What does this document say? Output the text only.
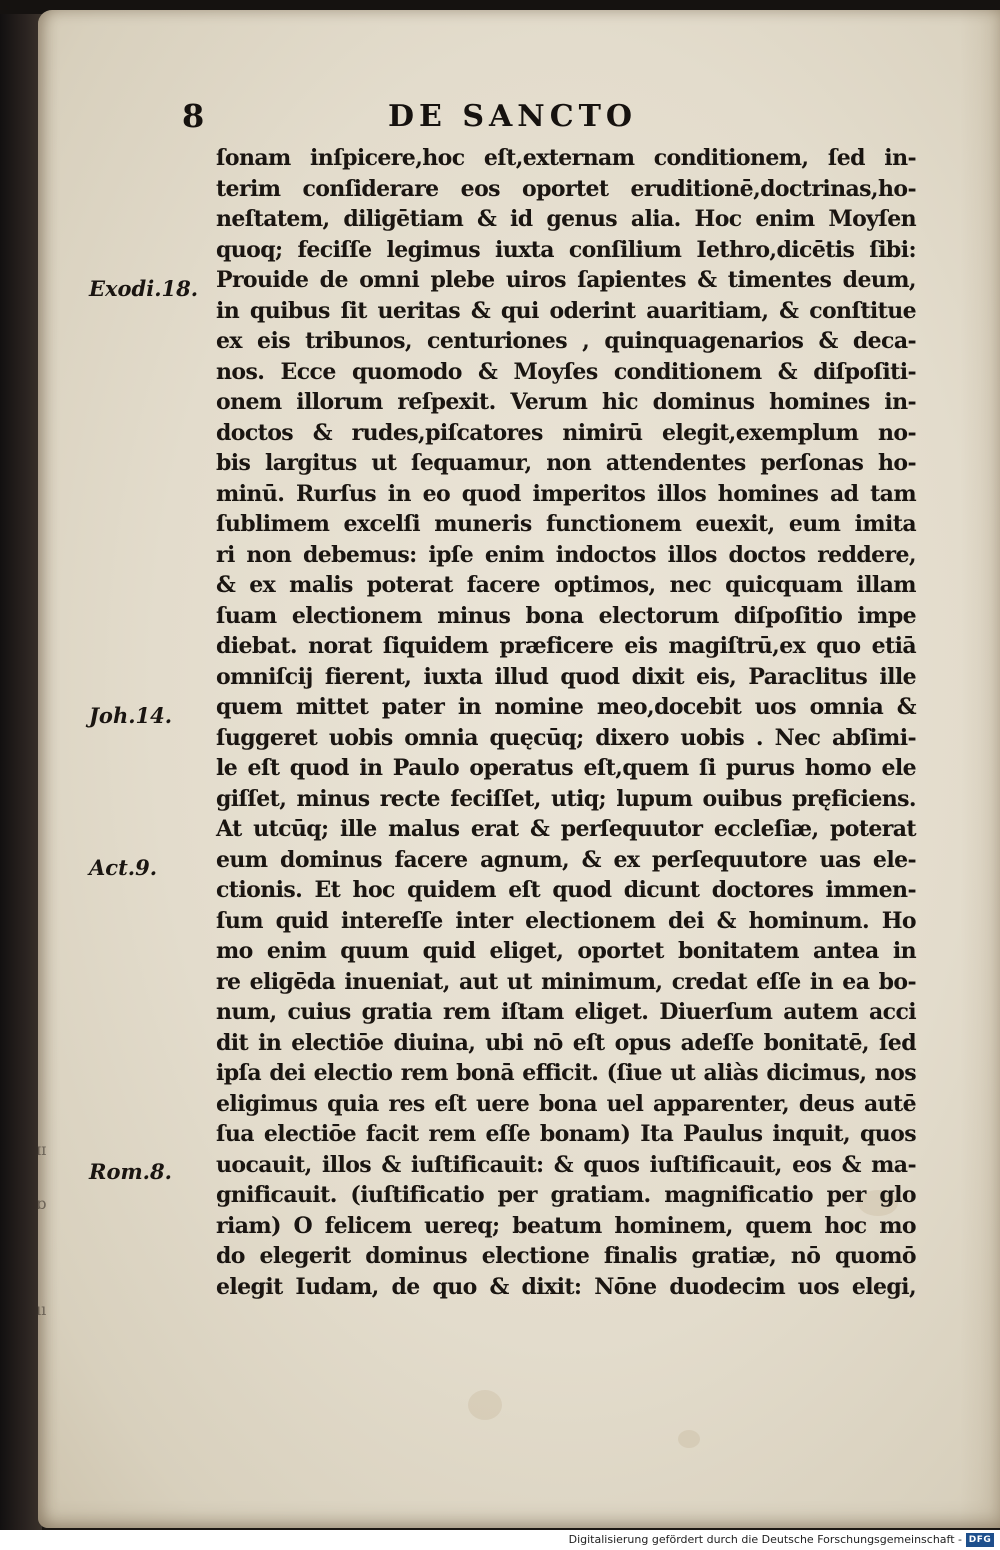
ɪɪ
ɒ
ıı
8	DE SANCTO
Exodi.18.
Joh.14.
Act.9.
Rom.8.
ſonam inſpicere,hoc eſt,externam conditionem, ſed in-
terim conſiderare eos oportet eruditionē,doctrinas,ho-
neſtatem, diligētiam & id genus alia. Hoc enim Moyſen
quoq; feciſſe legimus iuxta conſilium Iethro,dicētis ſibi:
Prouide de omni plebe uiros ſapientes & timentes deum,
in quibus ſit ueritas & qui oderint auaritiam, & conſtitue
ex eis tribunos, centuriones , quinquagenarios & deca-
nos. Ecce quomodo & Moyſes conditionem & diſpoſiti-
onem illorum reſpexit. Verum hic dominus homines in-
doctos & rudes,piſcatores nimirū elegit,exemplum no-
bis largitus ut ſequamur, non attendentes perſonas ho-
minū. Rurſus in eo quod imperitos illos homines ad tam
ſublimem excelſi muneris functionem euexit, eum imita
ri non debemus: ipſe enim indoctos illos doctos reddere,
& ex malis poterat facere optimos, nec quicquam illam
ſuam electionem minus bona electorum diſpoſitio impe
diebat. norat ſiquidem præficere eis magiſtrū,ex quo etiā
omniſcij fierent, iuxta illud quod dixit eis, Paraclitus ille
quem mittet pater in nomine meo,docebit uos omnia &
ſuggeret uobis omnia quęcūq; dixero uobis . Nec abſimi-
le eſt quod in Paulo operatus eſt,quem ſi purus homo ele
giſſet, minus recte feciſſet, utiq; lupum ouibus pręficiens.
At utcūq; ille malus erat & perſequutor eccleſiæ, poterat
eum dominus facere agnum, & ex perſequutore uas ele-
ctionis. Et hoc quidem eſt quod dicunt doctores immen-
ſum quid intereſſe inter electionem dei & hominum. Ho
mo enim quum quid eliget, oportet bonitatem antea in
re eligēda inueniat, aut ut minimum, credat eſſe in ea bo-
num, cuius gratia rem iſtam eliget. Diuerſum autem acci
dit in electiōe diuina, ubi nō eſt opus adeſſe bonitatē, ſed
ipſa dei electio rem bonā efficit. (ſiue ut aliàs dicimus, nos
eligimus quia res eſt uere bona uel apparenter, deus autē
ſua electiōe facit rem eſſe bonam) Ita Paulus inquit, quos
uocauit, illos & iuſtificauit: & quos iuſtificauit, eos & ma-
gnificauit. (iuſtificatio per gratiam. magnificatio per glo
riam) O felicem uereq; beatum hominem, quem hoc mo
do elegerit dominus electione finalis gratiæ, nō quomō
elegit Iudam, de quo & dixit: Nōne duodecim uos elegi,
Digitalisierung gefördert durch die Deutsche Forschungsgemeinschaft - DFG
